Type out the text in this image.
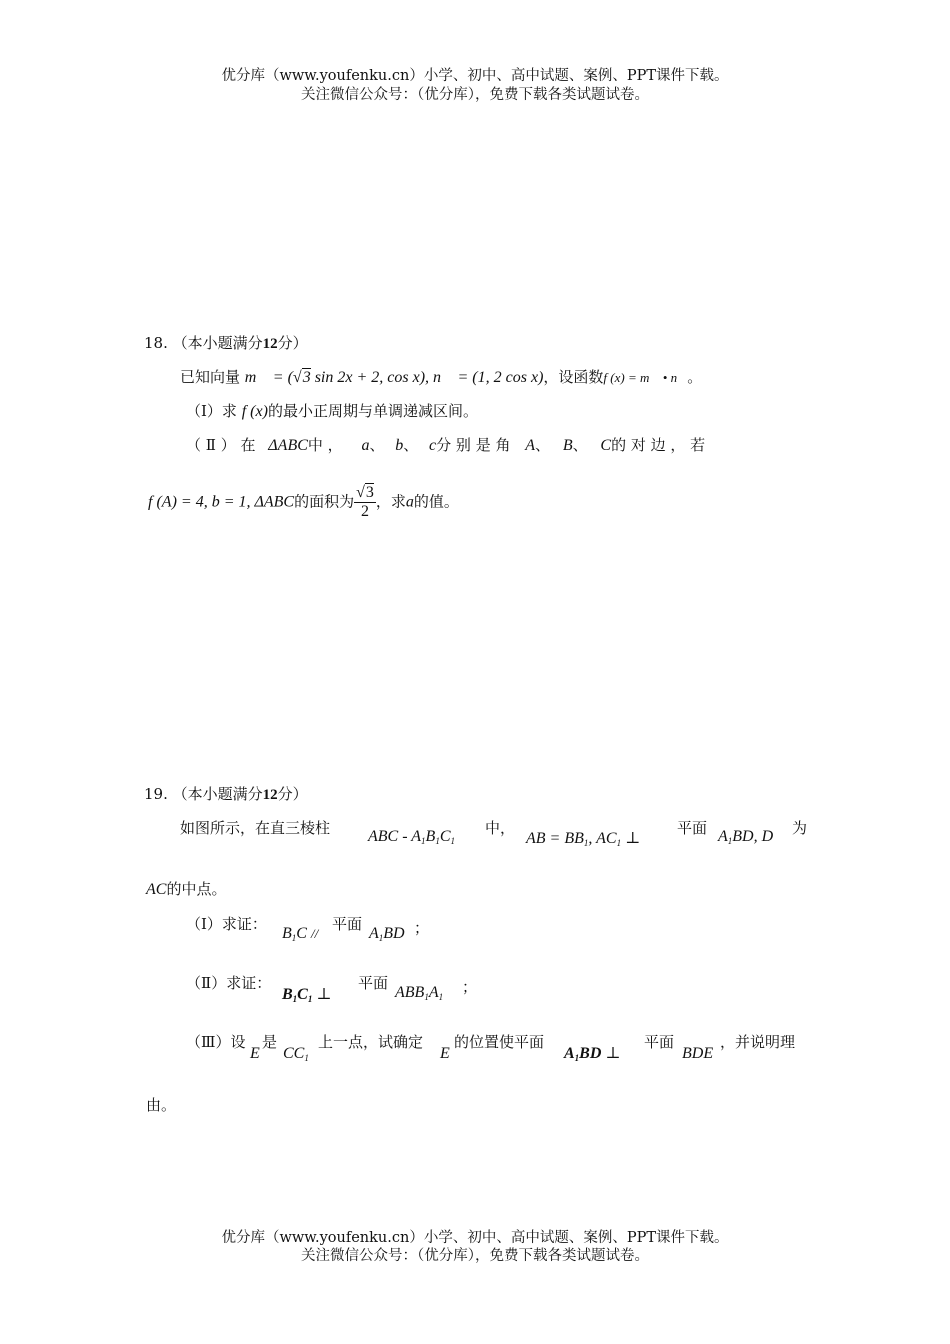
优分库（www.youfenku.cn）小学、初中、高中试题、案例、PPT课件下载。
关注微信公众号：（优分库），免费下载各类试题试卷。
18. （本小题满分12分）
已知向量 m⃗ = (√3 sin 2x + 2, cos x), n⃗ = (1, 2 cos x)，设函数f (x) = m⃗ • n⃗。
（Ⅰ）求 f (x)的最小正周期与单调递减区间。
（ Ⅱ ） 在 ΔABC中 ， a、 b、 c分 别 是 角 A、 B、 C的 对 边 ， 若
f (A) = 4, b = 1, ΔABC的面积为 $\frac{√3}{2}$ ，求a的值。
19. （本小题满分12分）
如图所示，在直三棱柱 ABC - $A_1B_1C_1$
中，
AB = $BB_1$, $AC_1$ ⊥
平面 $A_1BD$, D 为
AC的中点。
（Ⅰ）求证：
$B_1C$ //
平面
$A_1BD$ ；
（Ⅱ）求证：
$B_1C_1$ ⊥
平面
$ABB_1A_1$
；
（Ⅲ）设
E
是
$CC_1$
上一点，试确定
E
的位置使平面
$A_1BD$ ⊥
平面
BDE
，并说明理
由。
优分库（www.youfenku.cn）小学、初中、高中试题、案例、PPT课件下载。
关注微信公众号：（优分库），免费下载各类试题试卷。
